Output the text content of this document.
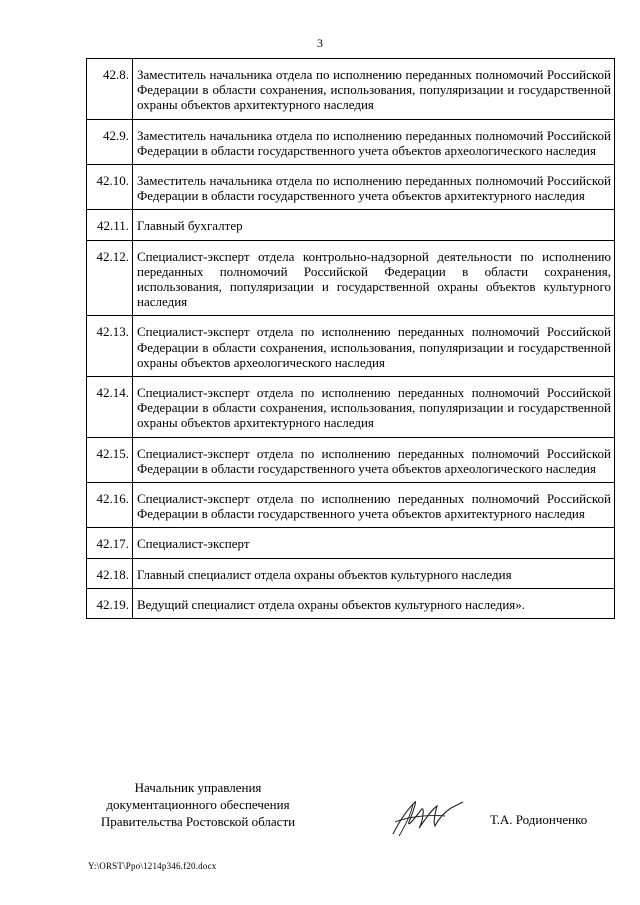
3
42.8.	Заместитель начальника отдела по исполнению переданных полномочий Российской Федерации в области сохранения, использования, популяризации и государственной охраны объектов архитектурного наследия
42.9.	Заместитель начальника отдела по исполнению переданных полномочий Российской Федерации в области государственного учета объектов археологического наследия
42.10.	Заместитель начальника отдела по исполнению переданных полномочий Российской Федерации в области государственного учета объектов архитектурного наследия
42.11.	Главный бухгалтер
42.12.	Специалист-эксперт отдела контрольно-надзорной деятельности по исполнению переданных полномочий Российской Федерации в области сохранения, использования, популяризации и государственной охраны объектов культурного наследия
42.13.	Специалист-эксперт отдела по исполнению переданных полномочий Российской Федерации в области сохранения, использования, популяризации и государственной охраны объектов археологического наследия
42.14.	Специалист-эксперт отдела по исполнению переданных полномочий Российской Федерации в области сохранения, использования, популяризации и государственной охраны объектов архитектурного наследия
42.15.	Специалист-эксперт отдела по исполнению переданных полномочий Российской Федерации в области государственного учета объектов археологического наследия
42.16.	Специалист-эксперт отдела по исполнению переданных полномочий Российской Федерации в области государственного учета объектов архитектурного наследия
42.17.	Специалист-эксперт
42.18.	Главный специалист отдела охраны объектов культурного наследия
42.19.	Ведущий специалист отдела охраны объектов культурного наследия».
Начальник управления
документационного обеспечения
Правительства Ростовской области	Т.А. Родионченко
Y:\ORST\Ppo\1214p346.f20.docx
